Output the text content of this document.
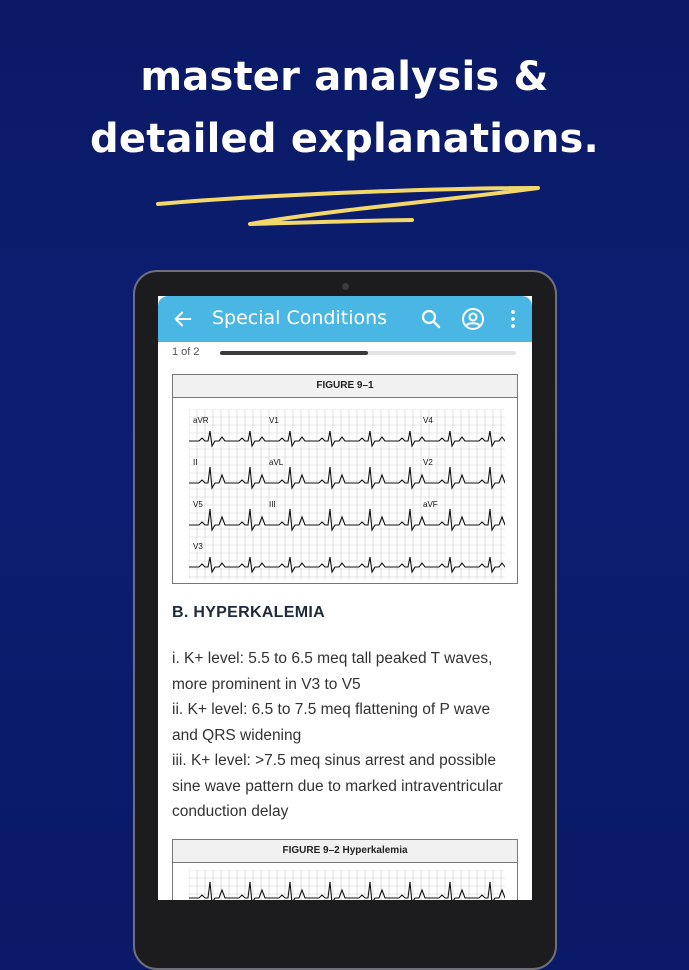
master analysis &
detailed explanations.
Special Conditions
1 of 2
FIGURE 9–1
aVR	V1	V4
II	aVL	V2
V5	III	aVF
V3
B. HYPERKALEMIA

i. K+ level: 5.5 to 6.5 meq tall peaked T waves, more prominent in V3 to V5

ii. K+ level: 6.5 to 7.5 meq flattening of P wave and QRS widening

iii. K+ level: >7.5 meq sinus arrest and possible sine wave pattern due to marked intraventricular conduction delay

FIGURE 9–2 Hyperkalemia
